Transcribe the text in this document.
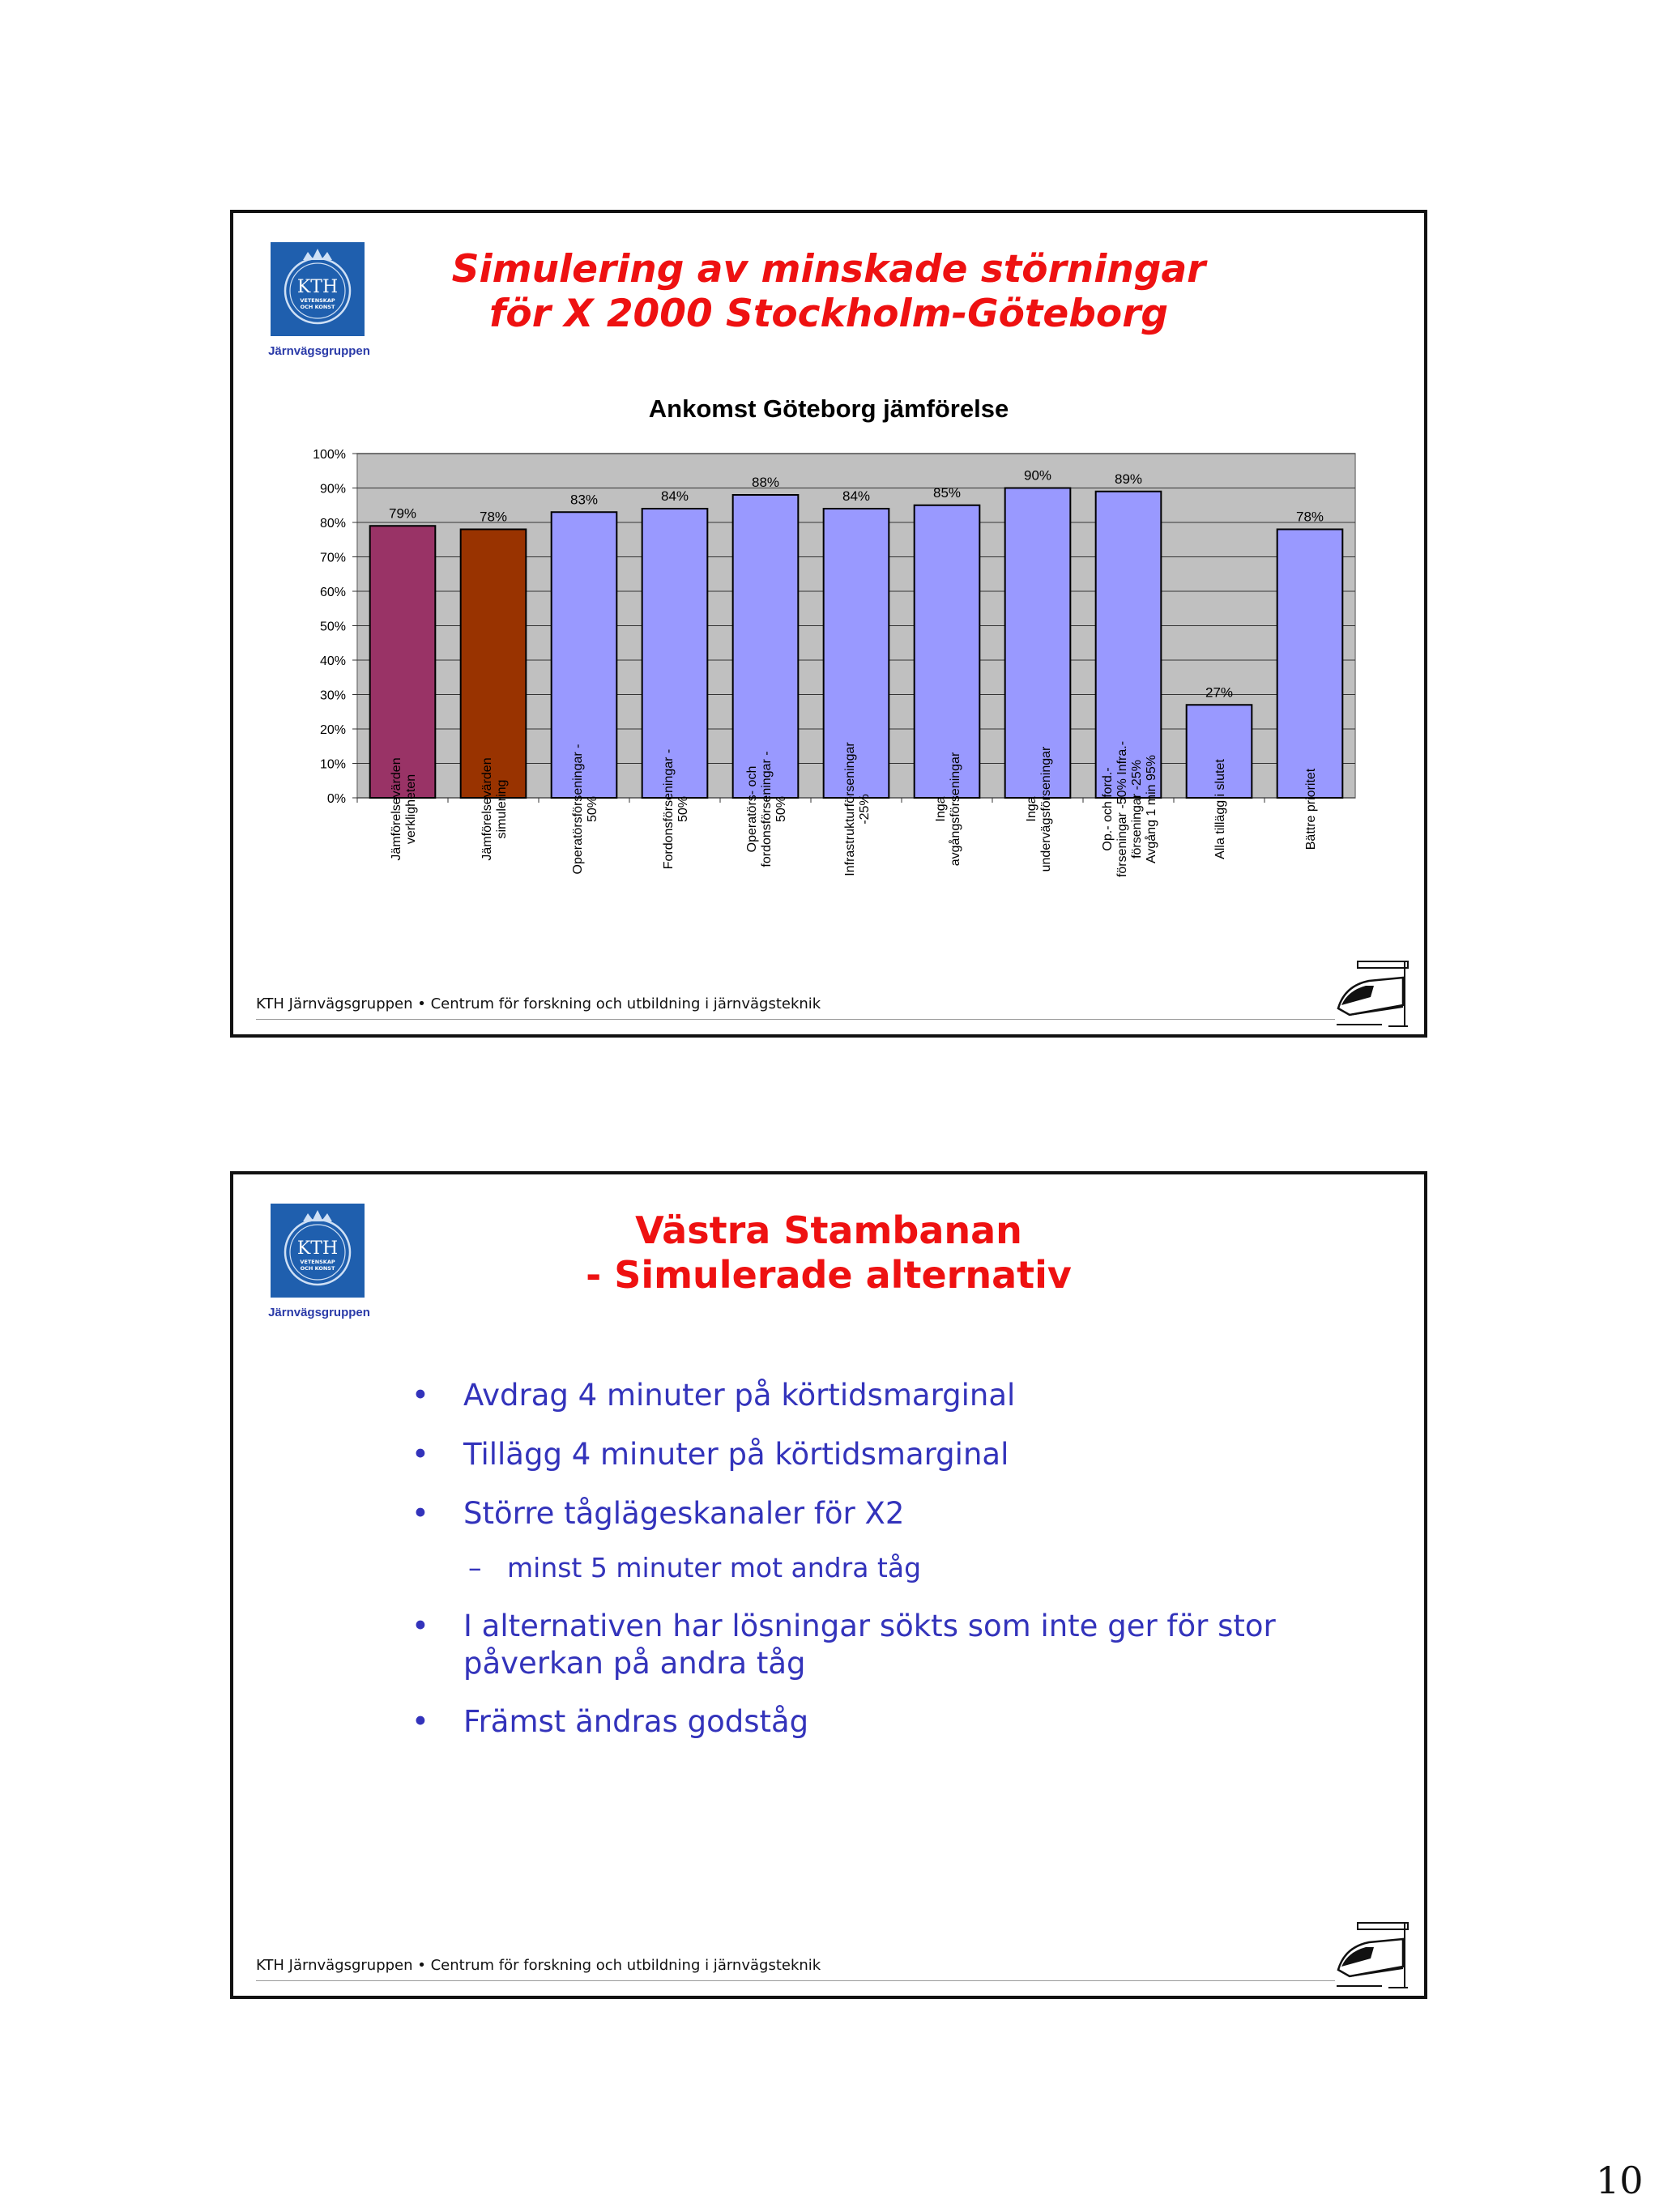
KTH
VETENSKAP
OCH KONST
Järnvägsgruppen
Simulering av minskade störningar
för X 2000 Stockholm-Göteborg
Ankomst Göteborg jämförelse
0%
10%
20%
30%
40%
50%
60%
70%
80%
90%
100%
79%
Jämförelsevärdenverkligheten
78%
Jämförelsevärdensimulering
83%
Operatörsförseningar -50%
84%
Fordonsförseningar -50%
88%
Operatörs- ochfordonsförseningar -50%
84%
Infrastrukturförseningar-25%
85%
Ingaavgångsförseningar
90%
Ingaundervägsförseningar
89%
Op.- och ford.-förseningar -50% Infra.-förseningar -25%Avgång 1 min 95%
27%
Alla tillägg i slutet
78%
Bättre prioritet
KTH Järnvägsgruppen • Centrum för forskning och utbildning i järnvägsteknik
KTH
VETENSKAP
OCH KONST
Järnvägsgruppen
Västra Stambanan
- Simulerade alternativ
• Avdrag 4 minuter på körtidsmarginal
• Tillägg 4 minuter på körtidsmarginal
• Större tåglägeskanaler för X2
– minst 5 minuter mot andra tåg
• I alternativen har lösningar sökts som inte ger för stor påverkan på andra tåg
• Främst ändras godståg
KTH Järnvägsgruppen • Centrum för forskning och utbildning i järnvägsteknik
10
